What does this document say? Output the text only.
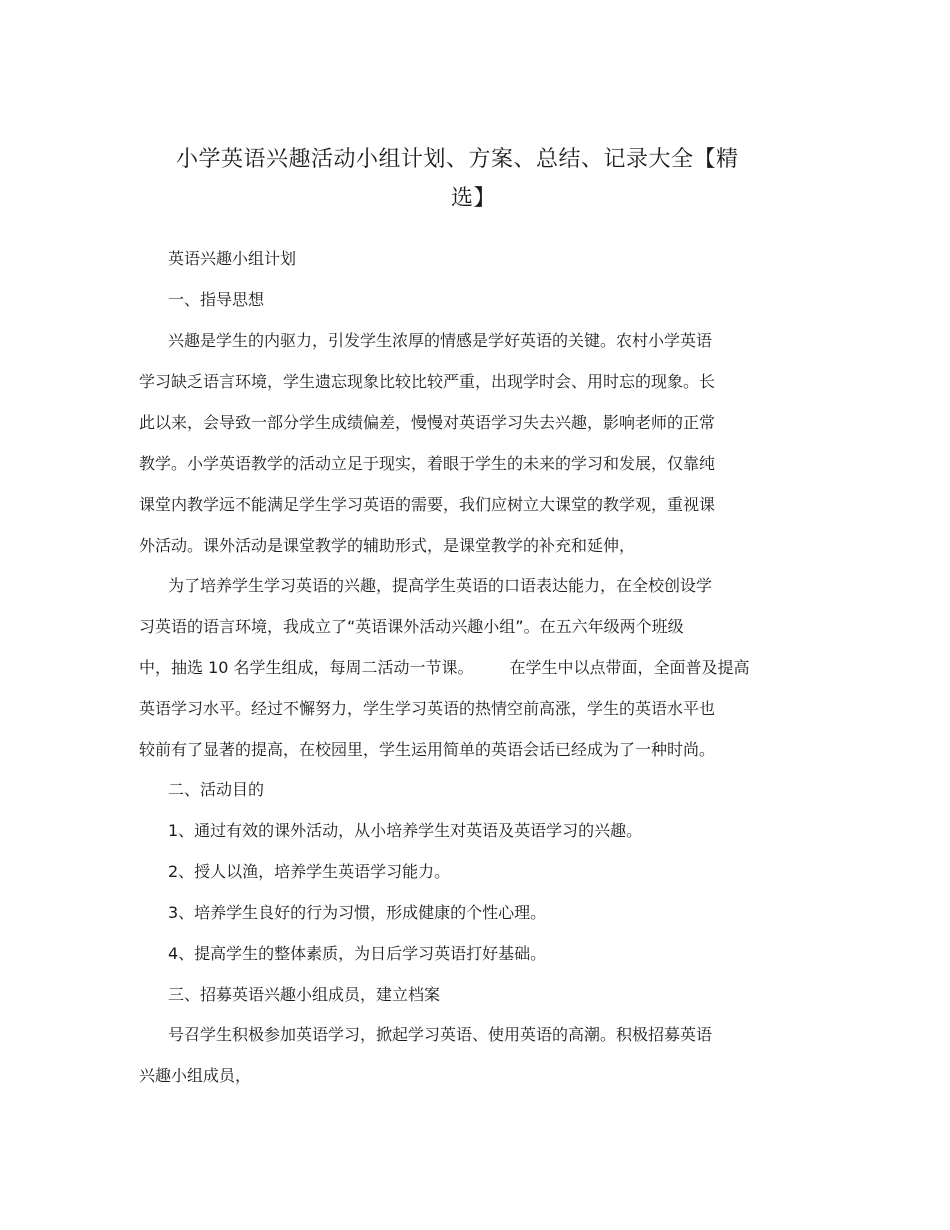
小学英语兴趣活动小组计划、方案、总结、记录大全【精
选】
英语兴趣小组计划
一、指导思想
兴趣是学生的内驱力，引发学生浓厚的情感是学好英语的关键。农村小学英语
学习缺乏语言环境，学生遗忘现象比较比较严重，出现学时会、用时忘的现象。长
此以来，会导致一部分学生成绩偏差，慢慢对英语学习失去兴趣，影响老师的正常
教学。小学英语教学的活动立足于现实，着眼于学生的未来的学习和发展，仅靠纯
课堂内教学远不能满足学生学习英语的需要，我们应树立大课堂的教学观，重视课
外活动。课外活动是课堂教学的辅助形式，是课堂教学的补充和延伸，
为了培养学生学习英语的兴趣，提高学生英语的口语表达能力，在全校创设学
习英语的语言环境，我成立了“英语课外活动兴趣小组”。在五六年级两个班级
中，抽选 10 名学生组成，每周二活动一节课。 在学生中以点带面，全面普及提高
英语学习水平。经过不懈努力，学生学习英语的热情空前高涨，学生的英语水平也
较前有了显著的提高，在校园里，学生运用简单的英语会话已经成为了一种时尚。
二、活动目的
1、通过有效的课外活动，从小培养学生对英语及英语学习的兴趣。
2、授人以渔，培养学生英语学习能力。
3、培养学生良好的行为习惯，形成健康的个性心理。
4、提高学生的整体素质，为日后学习英语打好基础。
三、招募英语兴趣小组成员，建立档案
号召学生积极参加英语学习，掀起学习英语、使用英语的高潮。积极招募英语
兴趣小组成员，
